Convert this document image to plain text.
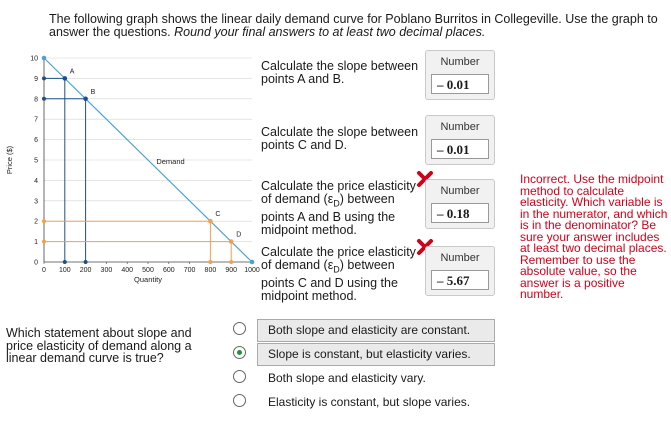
The following graph shows the linear daily demand curve for Poblano Burritos in Collegeville. Use the graph to answer the questions. Round your final answers to at least two decimal places.
0
1
2
3
4
5
6
7
8
9
10
0 100 200 300 400 500 600 700 800 900 1000
A
B
C
D
Demand
Quantity
Price ($)
Calculate the slope between points A and B.
Number
– 0.01
Calculate the slope between points C and D.
Number
– 0.01
Calculate the price elasticity of demand $(\varepsilon_D)$ between points A and B using the midpoint method.
Number
– 0.18
Calculate the price elasticity of demand $(\varepsilon_D)$ between points C and D using the midpoint method.
Number
– 5.67
Incorrect. Use the midpoint method to calculate elasticity. Which variable is in the numerator, and which is in the denominator? Be sure your answer includes at least two decimal places. Remember to use the absolute value, so the answer is a positive number.
Which statement about slope and price elasticity of demand along a linear demand curve is true?
Both slope and elasticity are constant.
Slope is constant, but elasticity varies.
Both slope and elasticity vary.
Elasticity is constant, but slope varies.
